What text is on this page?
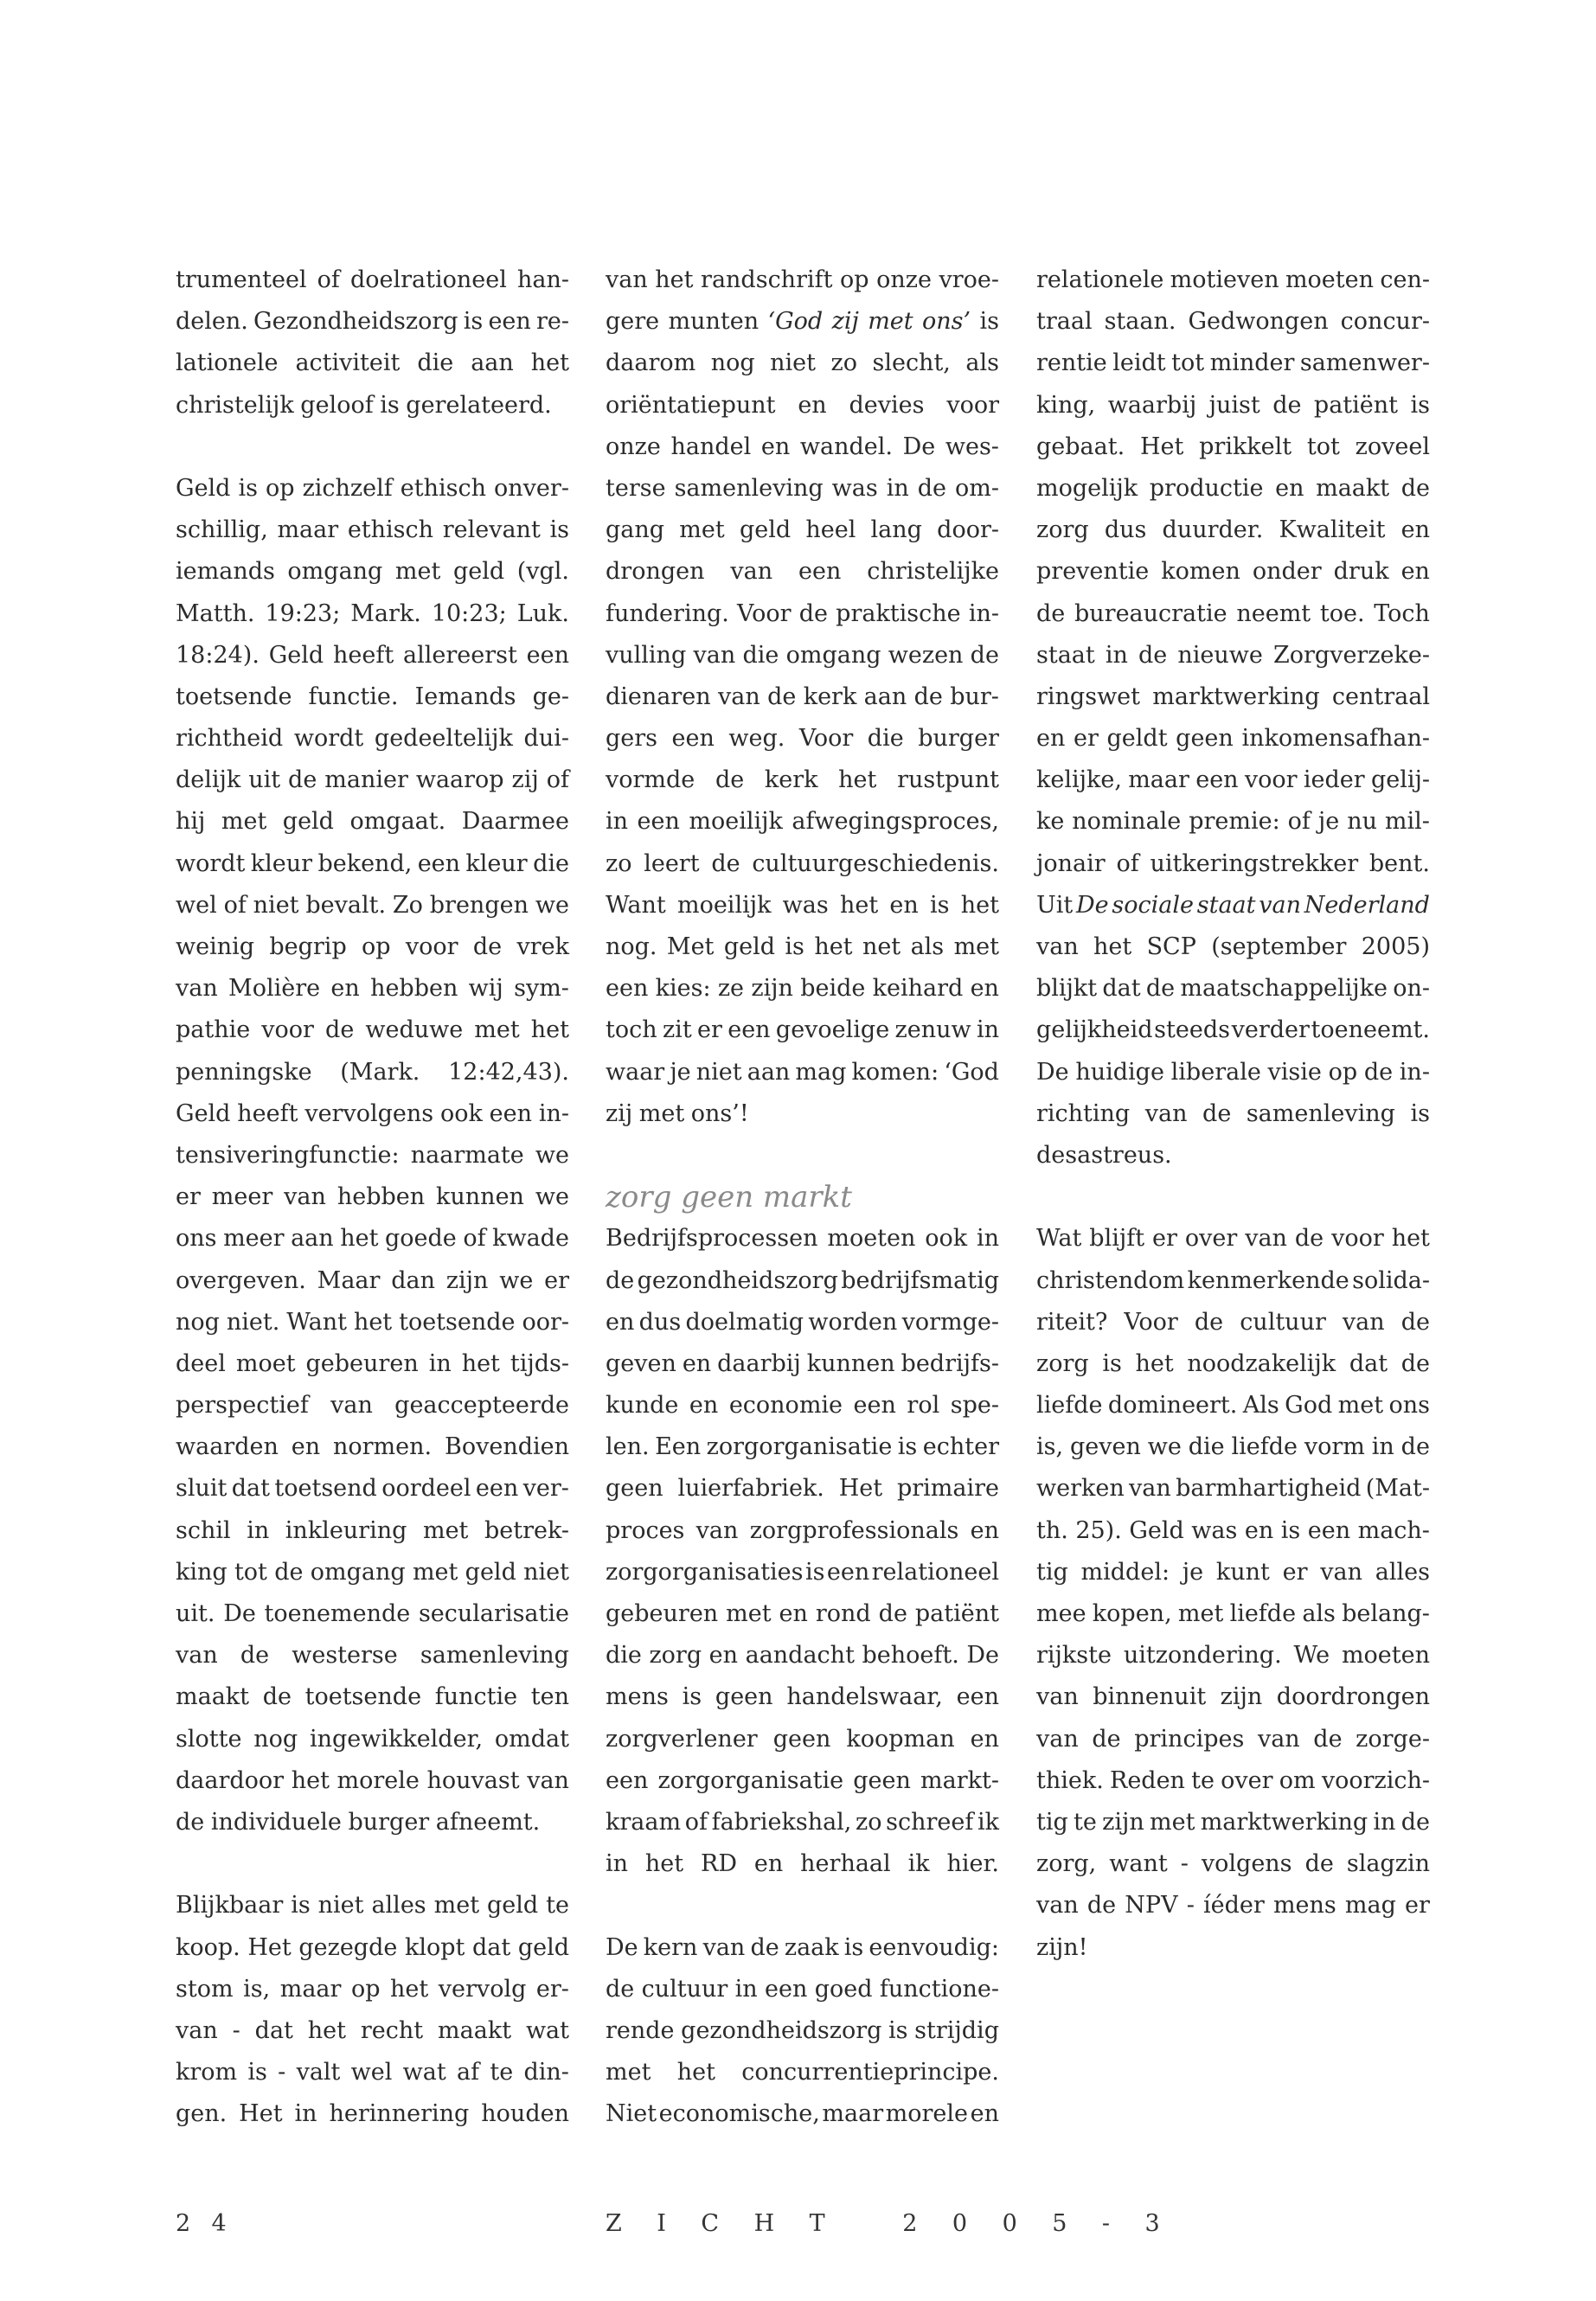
trumenteel of doelrationeel han-
delen. Gezondheidszorg is een re-
lationele activiteit die aan het
christelijk geloof is gerelateerd.
Geld is op zichzelf ethisch onver-
schillig, maar ethisch relevant is
iemands omgang met geld (vgl.
Matth. 19:23; Mark. 10:23; Luk.
18:24). Geld heeft allereerst een
toetsende functie. Iemands ge-
richtheid wordt gedeeltelijk dui-
delijk uit de manier waarop zij of
hij met geld omgaat. Daarmee
wordt kleur bekend, een kleur die
wel of niet bevalt. Zo brengen we
weinig begrip op voor de vrek
van Molière en hebben wij sym-
pathie voor de weduwe met het
penningske (Mark. 12:42,43).
Geld heeft vervolgens ook een in-
tensiveringfunctie: naarmate we
er meer van hebben kunnen we
ons meer aan het goede of kwade
overgeven. Maar dan zijn we er
nog niet. Want het toetsende oor-
deel moet gebeuren in het tijds-
perspectief van geaccepteerde
waarden en normen. Bovendien
sluit dat toetsend oordeel een ver-
schil in inkleuring met betrek-
king tot de omgang met geld niet
uit. De toenemende secularisatie
van de westerse samenleving
maakt de toetsende functie ten
slotte nog ingewikkelder, omdat
daardoor het morele houvast van
de individuele burger afneemt.
Blijkbaar is niet alles met geld te
koop. Het gezegde klopt dat geld
stom is, maar op het vervolg er-
van - dat het recht maakt wat
krom is - valt wel wat af te din-
gen. Het in herinnering houden
van het randschrift op onze vroe-
gere munten ‘God zij met ons’ is
daarom nog niet zo slecht, als
oriëntatiepunt en devies voor
onze handel en wandel. De wes-
terse samenleving was in de om-
gang met geld heel lang door-
drongen van een christelijke
fundering. Voor de praktische in-
vulling van die omgang wezen de
dienaren van de kerk aan de bur-
gers een weg. Voor die burger
vormde de kerk het rustpunt
in een moeilijk afwegingsproces,
zo leert de cultuurgeschiedenis.
Want moeilijk was het en is het
nog. Met geld is het net als met
een kies: ze zijn beide keihard en
toch zit er een gevoelige zenuw in
waar je niet aan mag komen: ‘God
zij met ons’!
zorg geen markt
Bedrijfsprocessen moeten ook in
de gezondheidszorg bedrijfsmatig
en dus doelmatig worden vormge-
geven en daarbij kunnen bedrijfs-
kunde en economie een rol spe-
len. Een zorgorganisatie is echter
geen luierfabriek. Het primaire
proces van zorgprofessionals en
zorgorganisaties is een relationeel
gebeuren met en rond de patiënt
die zorg en aandacht behoeft. De
mens is geen handelswaar, een
zorgverlener geen koopman en
een zorgorganisatie geen markt-
kraam of fabriekshal, zo schreef ik
in het RD en herhaal ik hier.
De kern van de zaak is eenvoudig:
de cultuur in een goed functione-
rende gezondheidszorg is strijdig
met het concurrentieprincipe.
Niet economische, maar morele en
relationele motieven moeten cen-
traal staan. Gedwongen concur-
rentie leidt tot minder samenwer-
king, waarbij juist de patiënt is
gebaat. Het prikkelt tot zoveel
mogelijk productie en maakt de
zorg dus duurder. Kwaliteit en
preventie komen onder druk en
de bureaucratie neemt toe. Toch
staat in de nieuwe Zorgverzeke-
ringswet marktwerking centraal
en er geldt geen inkomensafhan-
kelijke, maar een voor ieder gelij-
ke nominale premie: of je nu mil-
jonair of uitkeringstrekker bent.
Uit De sociale staat van Nederland
van het SCP (september 2005)
blijkt dat de maatschappelijke on-
gelijkheid steeds verder toeneemt.
De huidige liberale visie op de in-
richting van de samenleving is
desastreus.
Wat blijft er over van de voor het
christendom kenmerkende solida-
riteit? Voor de cultuur van de
zorg is het noodzakelijk dat de
liefde domineert. Als God met ons
is, geven we die liefde vorm in de
werken van barmhartigheid (Mat-
th. 25). Geld was en is een mach-
tig middel: je kunt er van alles
mee kopen, met liefde als belang-
rijkste uitzondering. We moeten
van binnenuit zijn doordrongen
van de principes van de zorge-
thiek. Reden te over om voorzich-
tig te zijn met marktwerking in de
zorg, want - volgens de slagzin
van de NPV - íéder mens mag er
zijn!
24	ZICHT 2005-3
